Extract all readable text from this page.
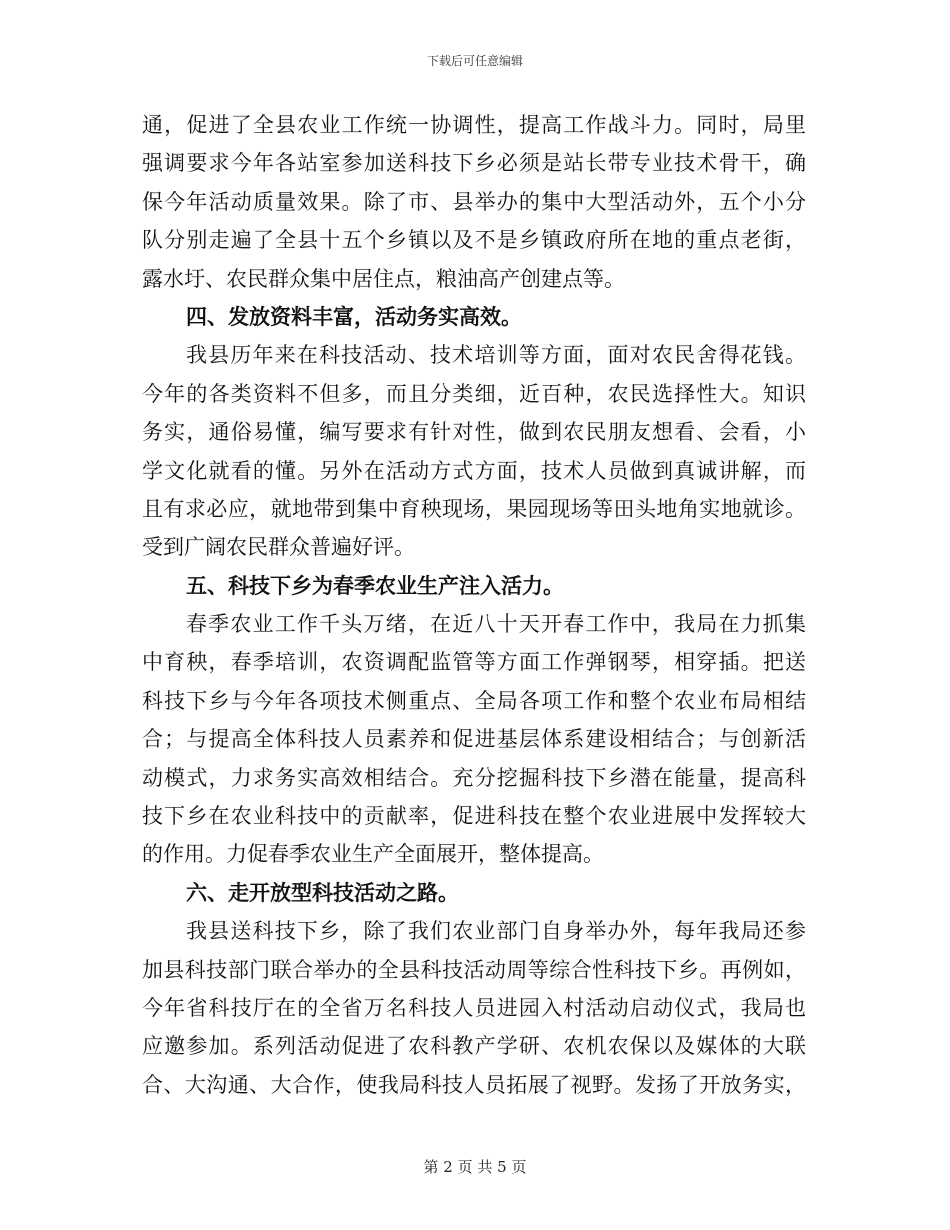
下载后可任意编辑
通，促进了全县农业工作统一协调性，提高工作战斗力。同时，局里
强调要求今年各站室参加送科技下乡必须是站长带专业技术骨干，确
保今年活动质量效果。除了市、县举办的集中大型活动外，五个小分
队分别走遍了全县十五个乡镇以及不是乡镇政府所在地的重点老街，
露水圩、农民群众集中居住点，粮油高产创建点等。
四、发放资料丰富，活动务实高效。
我县历年来在科技活动、技术培训等方面，面对农民舍得花钱。
今年的各类资料不但多，而且分类细，近百种，农民选择性大。知识
务实，通俗易懂，编写要求有针对性，做到农民朋友想看、会看，小
学文化就看的懂。另外在活动方式方面，技术人员做到真诚讲解，而
且有求必应，就地带到集中育秧现场，果园现场等田头地角实地就诊。
受到广阔农民群众普遍好评。
五、科技下乡为春季农业生产注入活力。
春季农业工作千头万绪，在近八十天开春工作中，我局在力抓集
中育秧，春季培训，农资调配监管等方面工作弹钢琴，相穿插。把送
科技下乡与今年各项技术侧重点、全局各项工作和整个农业布局相结
合；与提高全体科技人员素养和促进基层体系建设相结合；与创新活
动模式，力求务实高效相结合。充分挖掘科技下乡潜在能量，提高科
技下乡在农业科技中的贡献率，促进科技在整个农业进展中发挥较大
的作用。力促春季农业生产全面展开，整体提高。
六、走开放型科技活动之路。
我县送科技下乡，除了我们农业部门自身举办外，每年我局还参
加县科技部门联合举办的全县科技活动周等综合性科技下乡。再例如，
今年省科技厅在的全省万名科技人员进园入村活动启动仪式，我局也
应邀参加。系列活动促进了农科教产学研、农机农保以及媒体的大联
合、大沟通、大合作，使我局科技人员拓展了视野。发扬了开放务实，
第 2 页 共 5 页
